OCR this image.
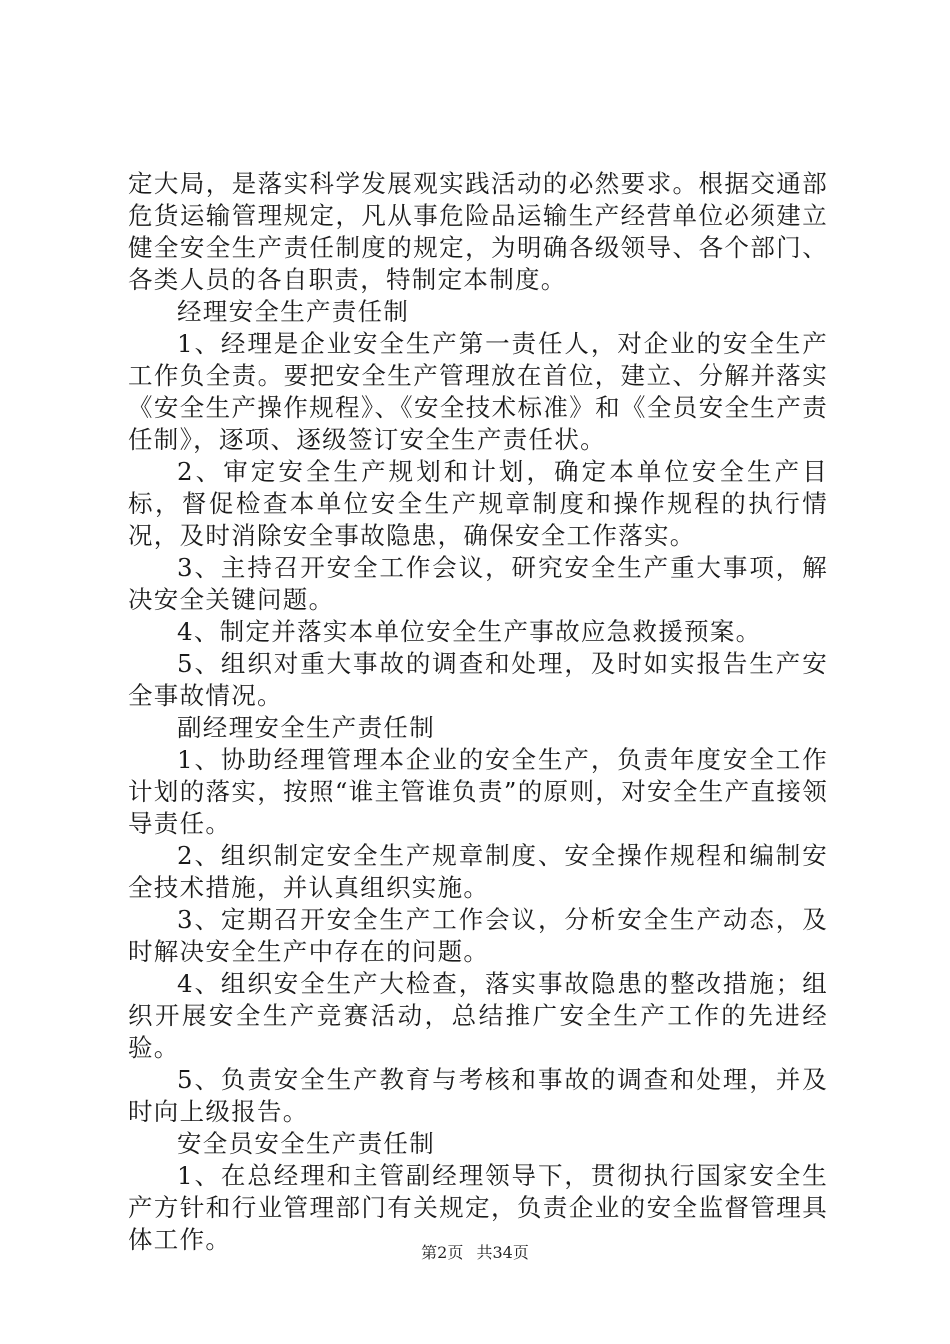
定大局，是落实科学发展观实践活动的必然要求。根据交通部危货运输管理规定，凡从事危险品运输生产经营单位必须建立健全安全生产责任制度的规定，为明确各级领导、各个部门、各类人员的各自职责，特制定本制度。

经理安全生产责任制

1、经理是企业安全生产第一责任人，对企业的安全生产工作负全责。要把安全生产管理放在首位，建立、分解并落实《安全生产操作规程》、《安全技术标准》和《全员安全生产责任制》，逐项、逐级签订安全生产责任状。

2、审定安全生产规划和计划，确定本单位安全生产目标，督促检查本单位安全生产规章制度和操作规程的执行情况，及时消除安全事故隐患，确保安全工作落实。

3、主持召开安全工作会议，研究安全生产重大事项，解决安全关键问题。

4、制定并落实本单位安全生产事故应急救援预案。

5、组织对重大事故的调查和处理，及时如实报告生产安全事故情况。

副经理安全生产责任制

1、协助经理管理本企业的安全生产，负责年度安全工作计划的落实，按照“谁主管谁负责”的原则，对安全生产直接领导责任。

2、组织制定安全生产规章制度、安全操作规程和编制安全技术措施，并认真组织实施。

3、定期召开安全生产工作会议，分析安全生产动态，及时解决安全生产中存在的问题。

4、组织安全生产大检查，落实事故隐患的整改措施；组织开展安全生产竞赛活动，总结推广安全生产工作的先进经验。

5、负责安全生产教育与考核和事故的调查和处理，并及时向上级报告。

安全员安全生产责任制

1、在总经理和主管副经理领导下，贯彻执行国家安全生产方针和行业管理部门有关规定，负责企业的安全监督管理具体工作。	第2页 共34页
